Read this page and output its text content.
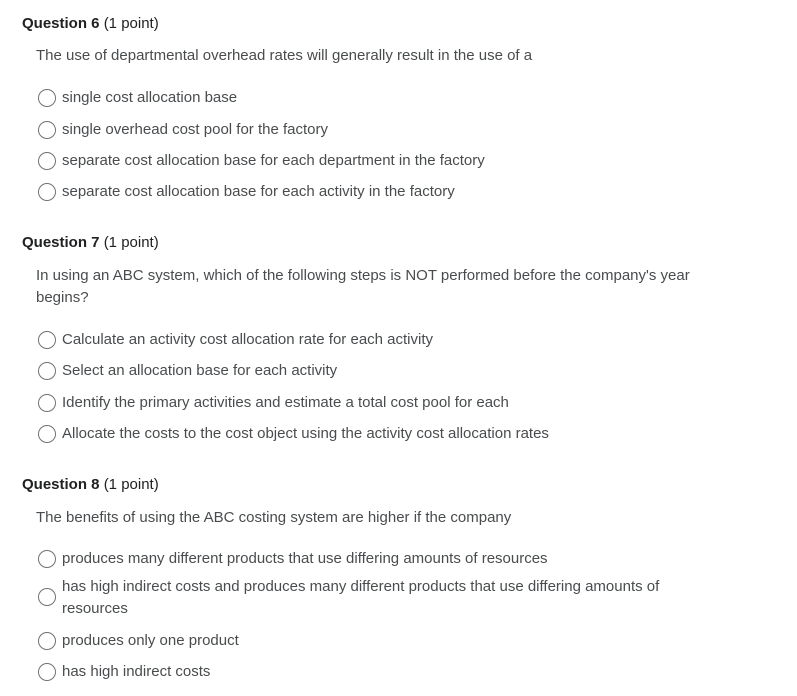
Question 6 (1 point)
The use of departmental overhead rates will generally result in the use of a
single cost allocation base
single overhead cost pool for the factory
separate cost allocation base for each department in the factory
separate cost allocation base for each activity in the factory
Question 7 (1 point)
In using an ABC system, which of the following steps is NOT performed before the company's year begins?
Calculate an activity cost allocation rate for each activity
Select an allocation base for each activity
Identify the primary activities and estimate a total cost pool for each
Allocate the costs to the cost object using the activity cost allocation rates
Question 8 (1 point)
The benefits of using the ABC costing system are higher if the company
produces many different products that use differing amounts of resources
has high indirect costs and produces many different products that use differing amounts of resources
produces only one product
has high indirect costs
